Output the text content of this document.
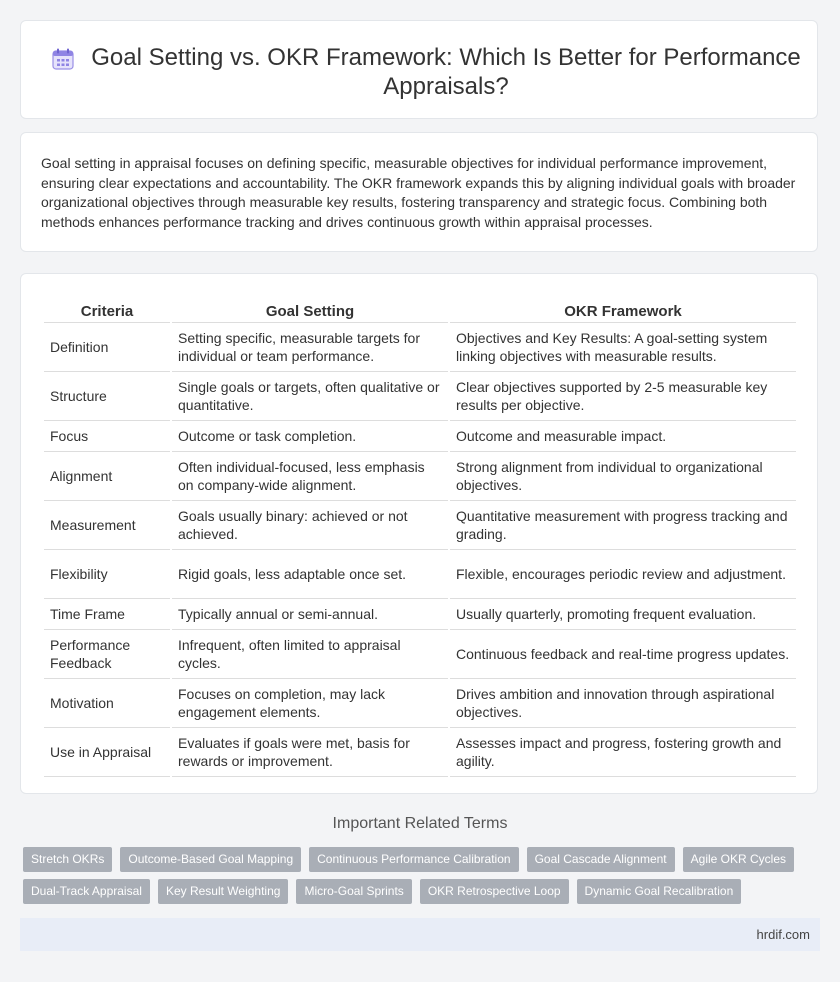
Goal Setting vs. OKR Framework: Which Is Better for Performance Appraisals?

Goal setting in appraisal focuses on defining specific, measurable objectives for individual performance improvement, ensuring clear expectations and accountability. The OKR framework expands this by aligning individual goals with broader organizational objectives through measurable key results, fostering transparency and strategic focus. Combining both methods enhances performance tracking and drives continuous growth within appraisal processes.

Criteria	Goal Setting	OKR Framework
Definition	Setting specific, measurable targets for individual or team performance.	Objectives and Key Results: A goal-setting system linking objectives with measurable results.
Structure	Single goals or targets, often qualitative or quantitative.	Clear objectives supported by 2-5 measurable key results per objective.
Focus	Outcome or task completion.	Outcome and measurable impact.
Alignment	Often individual-focused, less emphasis on company-wide alignment.	Strong alignment from individual to organizational objectives.
Measurement	Goals usually binary: achieved or not achieved.	Quantitative measurement with progress tracking and grading.
Flexibility	Rigid goals, less adaptable once set.	Flexible, encourages periodic review and adjustment.
Time Frame	Typically annual or semi-annual.	Usually quarterly, promoting frequent evaluation.
Performance Feedback	Infrequent, often limited to appraisal cycles.	Continuous feedback and real-time progress updates.
Motivation	Focuses on completion, may lack engagement elements.	Drives ambition and innovation through aspirational objectives.
Use in Appraisal	Evaluates if goals were met, basis for rewards or improvement.	Assesses impact and progress, fostering growth and agility.
Important Related Terms
Stretch OKRs	Outcome-Based Goal Mapping	Continuous Performance Calibration	Goal Cascade Alignment	Agile OKR Cycles
Dual-Track Appraisal	Key Result Weighting	Micro-Goal Sprints	OKR Retrospective Loop	Dynamic Goal Recalibration
hrdif.com
